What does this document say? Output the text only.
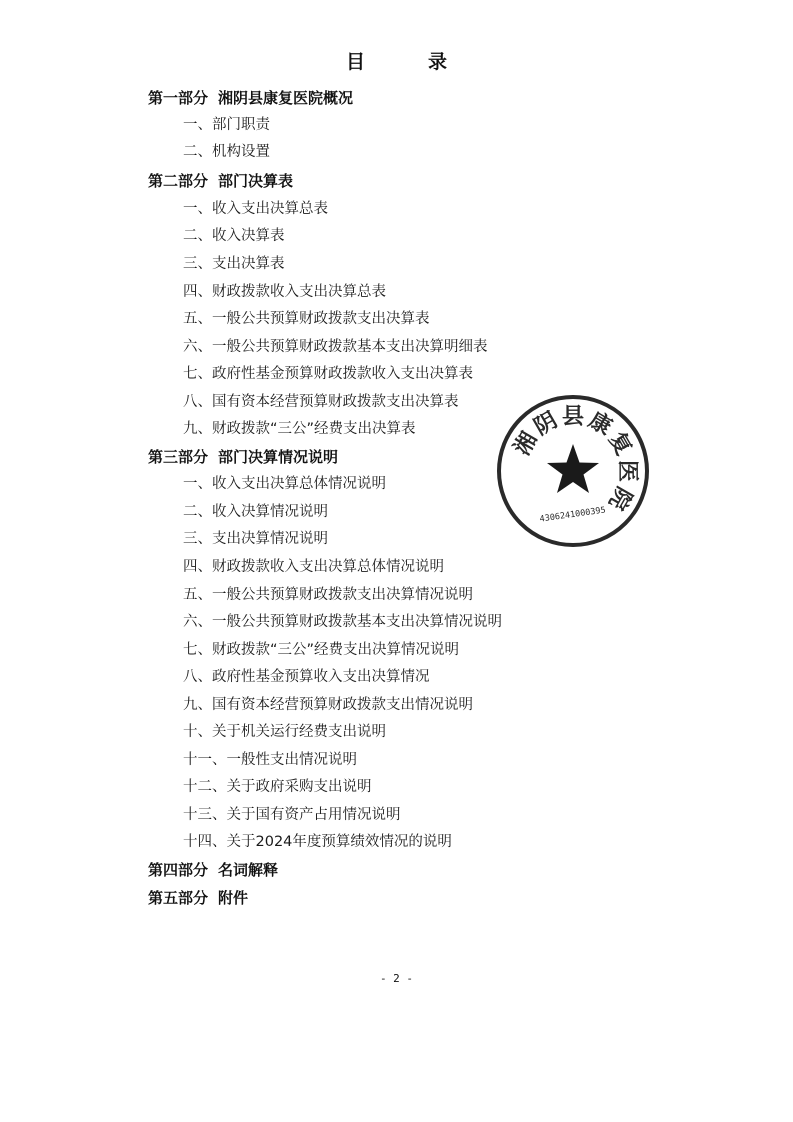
目　录
第一部分 湘阴县康复医院概况
一、部门职责
二、机构设置
第二部分 部门决算表
一、收入支出决算总表
二、收入决算表
三、支出决算表
四、财政拨款收入支出决算总表
五、一般公共预算财政拨款支出决算表
六、一般公共预算财政拨款基本支出决算明细表
七、政府性基金预算财政拨款收入支出决算表
八、国有资本经营预算财政拨款支出决算表
九、财政拨款“三公”经费支出决算表
第三部分 部门决算情况说明
一、收入支出决算总体情况说明
二、收入决算情况说明
三、支出决算情况说明
四、财政拨款收入支出决算总体情况说明
五、一般公共预算财政拨款支出决算情况说明
六、一般公共预算财政拨款基本支出决算情况说明
七、财政拨款“三公”经费支出决算情况说明
八、政府性基金预算收入支出决算情况
九、国有资本经营预算财政拨款支出情况说明
十、关于机关运行经费支出说明
十一、一般性支出情况说明
十二、关于政府采购支出说明
十三、关于国有资产占用情况说明
十四、关于2024年度预算绩效情况的说明
第四部分 名词解释
第五部分 附件
湘
阴 县 康
复
医
院
4306241000395
- 2 -
